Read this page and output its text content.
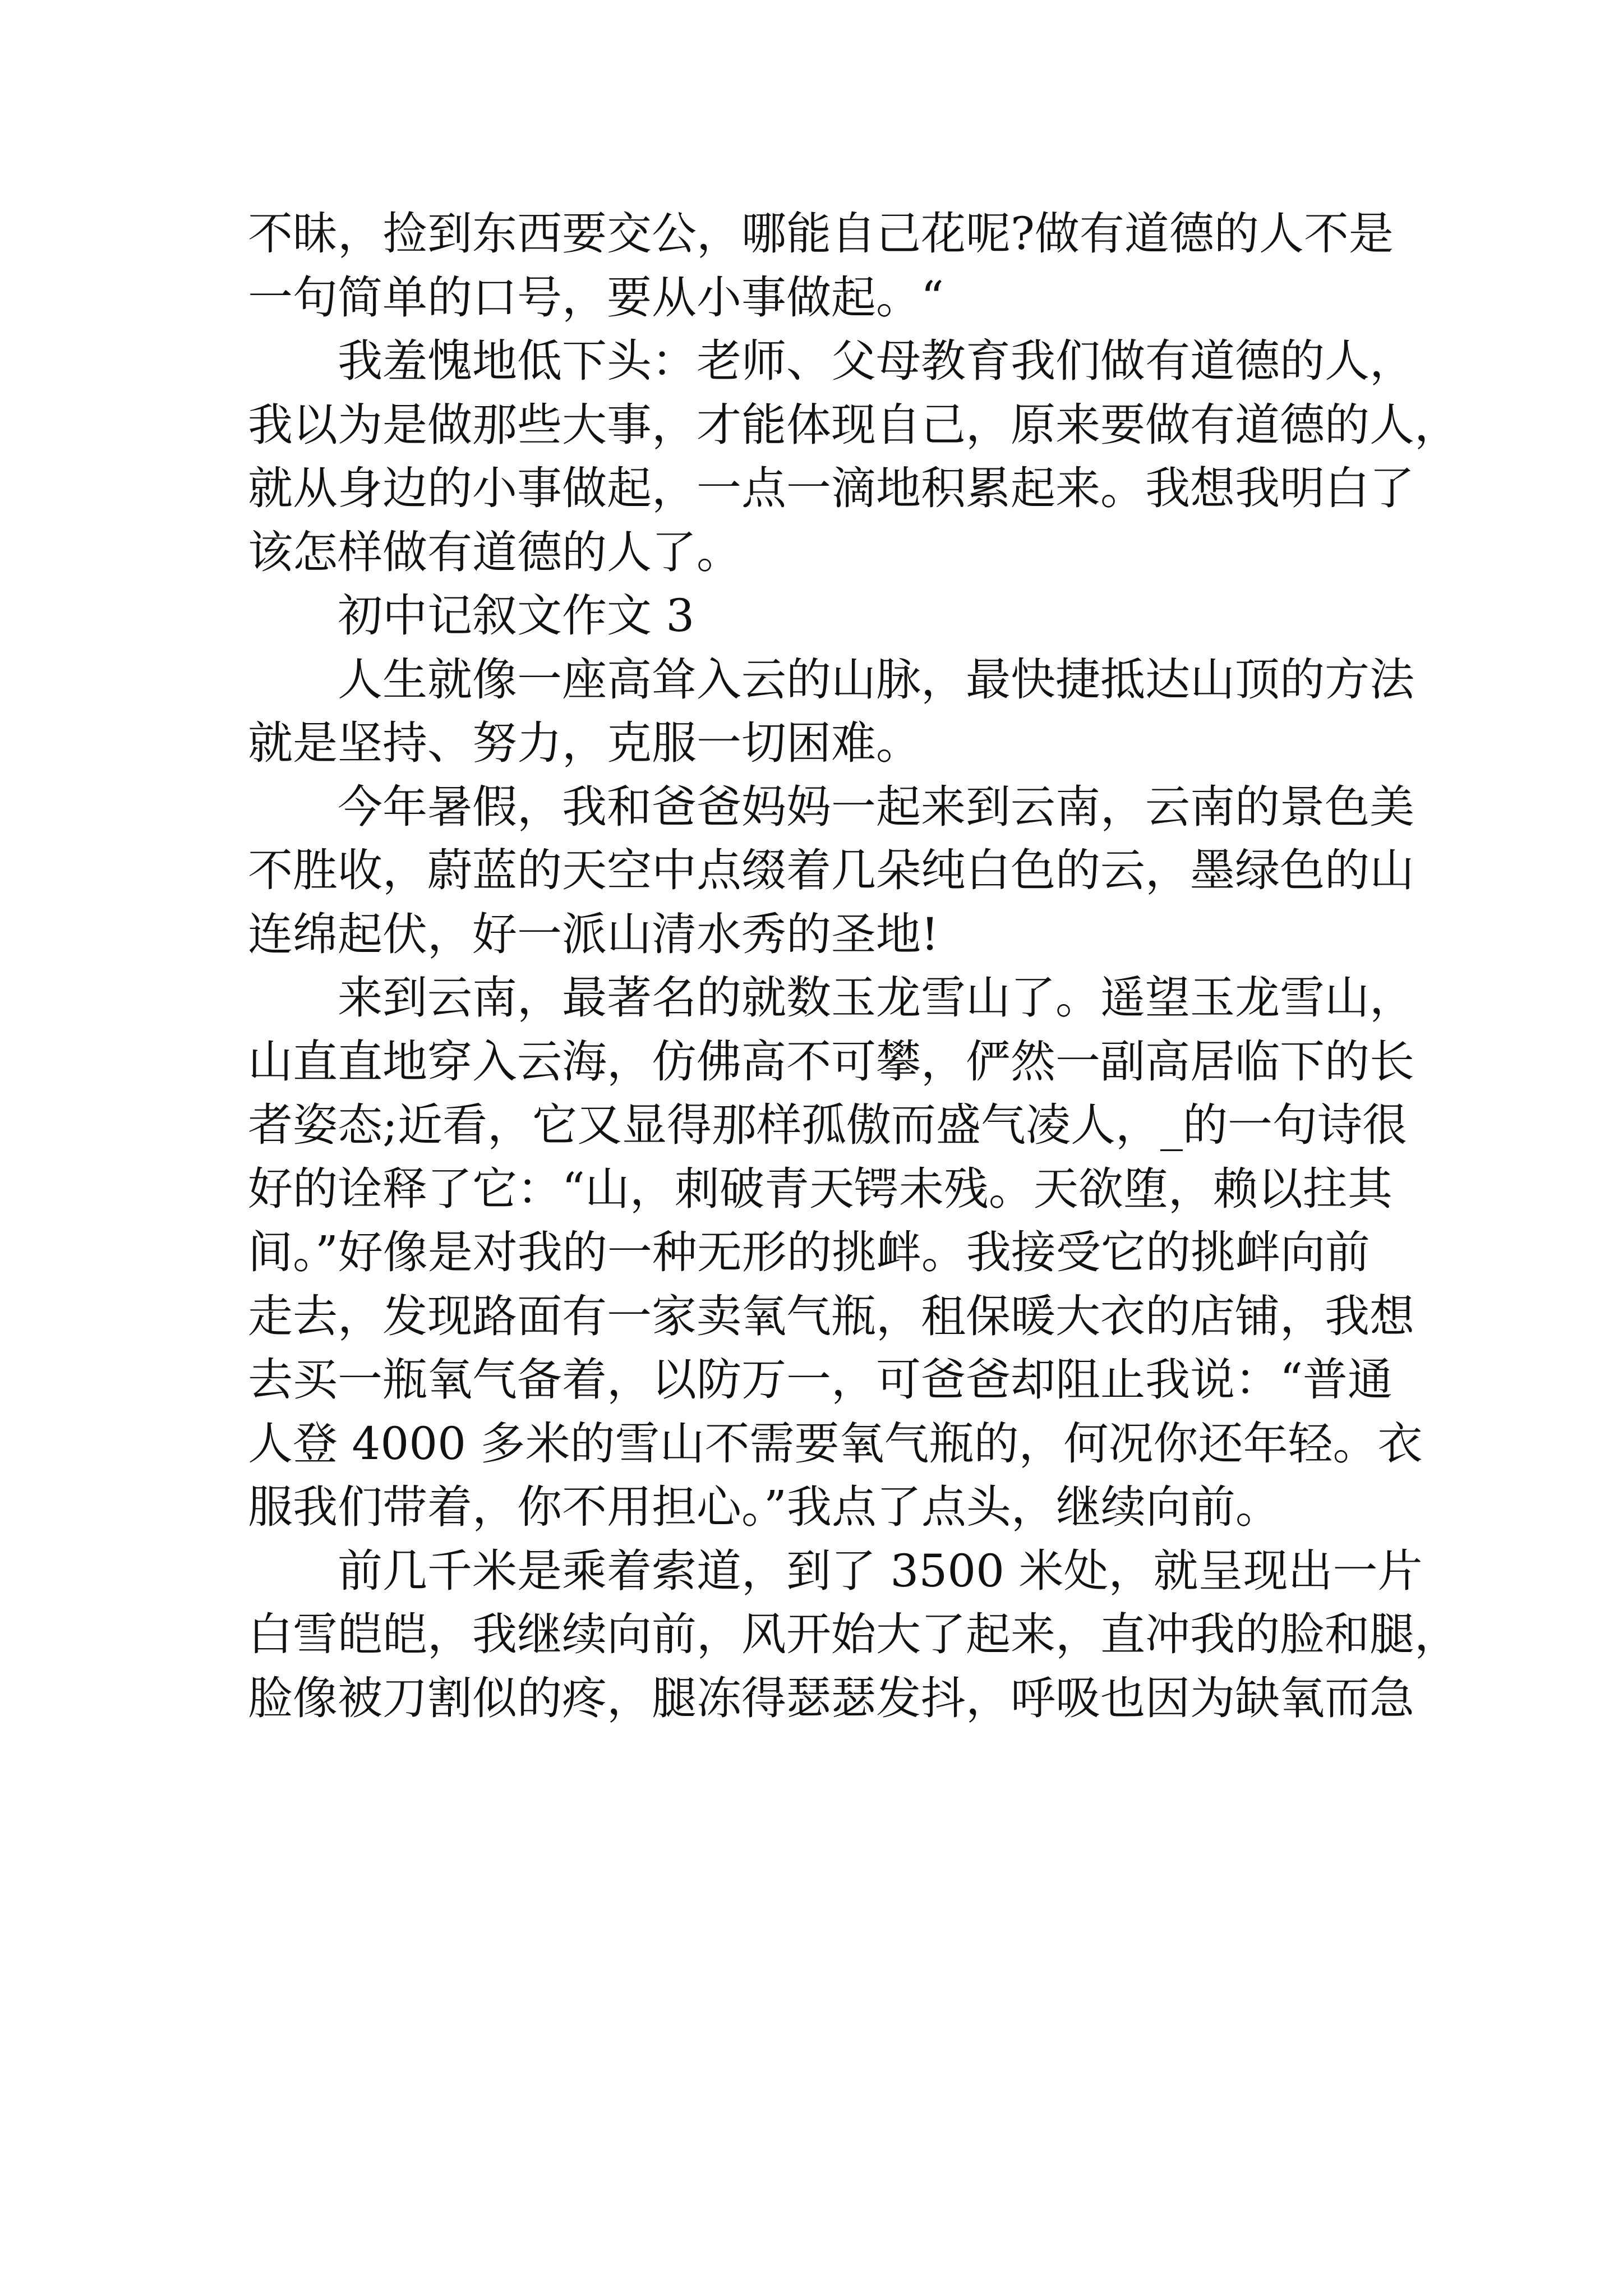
不昧，捡到东西要交公，哪能自己花呢?做有道德的人不是
一句简单的口号，要从小事做起。“
我羞愧地低下头：老师、父母教育我们做有道德的人，
我以为是做那些大事，才能体现自己，原来要做有道德的人，
就从身边的小事做起，一点一滴地积累起来。我想我明白了
该怎样做有道德的人了。
初中记叙文作文 3
人生就像一座高耸入云的山脉，最快捷抵达山顶的方法
就是坚持、努力，克服一切困难。
今年暑假，我和爸爸妈妈一起来到云南，云南的景色美
不胜收，蔚蓝的天空中点缀着几朵纯白色的云，墨绿色的山
连绵起伏，好一派山清水秀的圣地!
来到云南，最著名的就数玉龙雪山了。遥望玉龙雪山，
山直直地穿入云海，仿佛高不可攀，俨然一副高居临下的长
者姿态;近看，它又显得那样孤傲而盛气凌人，_的一句诗很
好的诠释了它：“山，刺破青天锷未残。天欲堕，赖以拄其
间。”好像是对我的一种无形的挑衅。我接受它的挑衅向前
走去，发现路面有一家卖氧气瓶，租保暖大衣的店铺，我想
去买一瓶氧气备着，以防万一，可爸爸却阻止我说：“普通
人登 4000 多米的雪山不需要氧气瓶的，何况你还年轻。衣
服我们带着，你不用担心。”我点了点头，继续向前。
前几千米是乘着索道，到了 3500 米处，就呈现出一片
白雪皑皑，我继续向前，风开始大了起来，直冲我的脸和腿，
脸像被刀割似的疼，腿冻得瑟瑟发抖，呼吸也因为缺氧而急
